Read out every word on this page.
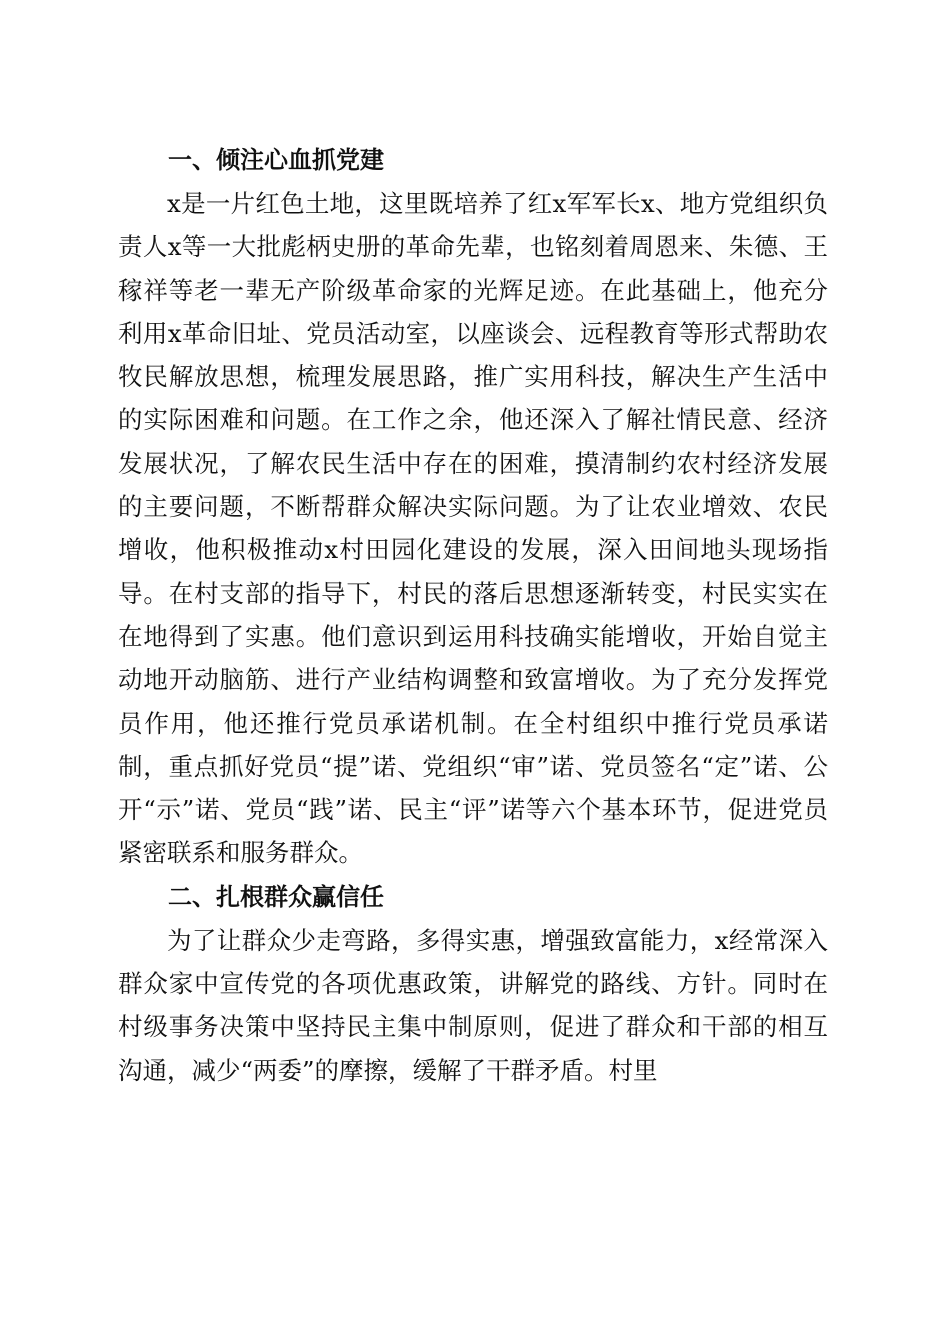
一、倾注心血抓党建

x是一片红色土地，这里既培养了红x军军长x、地方党组织负责人x等一大批彪柄史册的革命先辈，也铭刻着周恩来、朱德、王稼祥等老一辈无产阶级革命家的光辉足迹。在此基础上，他充分利用x革命旧址、党员活动室，以座谈会、远程教育等形式帮助农牧民解放思想，梳理发展思路，推广实用科技，解决生产生活中的实际困难和问题。在工作之余，他还深入了解社情民意、经济发展状况，了解农民生活中存在的困难，摸清制约农村经济发展的主要问题，不断帮群众解决实际问题。为了让农业增效、农民增收，他积极推动x村田园化建设的发展，深入田间地头现场指导。在村支部的指导下，村民的落后思想逐渐转变，村民实实在在地得到了实惠。他们意识到运用科技确实能增收，开始自觉主动地开动脑筋、进行产业结构调整和致富增收。为了充分发挥党员作用，他还推行党员承诺机制。在全村组织中推行党员承诺制，重点抓好党员“提”诺、党组织“审”诺、党员签名“定”诺、公开“示”诺、党员“践”诺、民主“评”诺等六个基本环节，促进党员紧密联系和服务群众。

二、扎根群众赢信任

为了让群众少走弯路，多得实惠，增强致富能力，x经常深入群众家中宣传党的各项优惠政策，讲解党的路线、方针。同时在村级事务决策中坚持民主集中制原则，促进了群众和干部的相互沟通，减少“两委”的摩擦，缓解了干群矛盾。村里
